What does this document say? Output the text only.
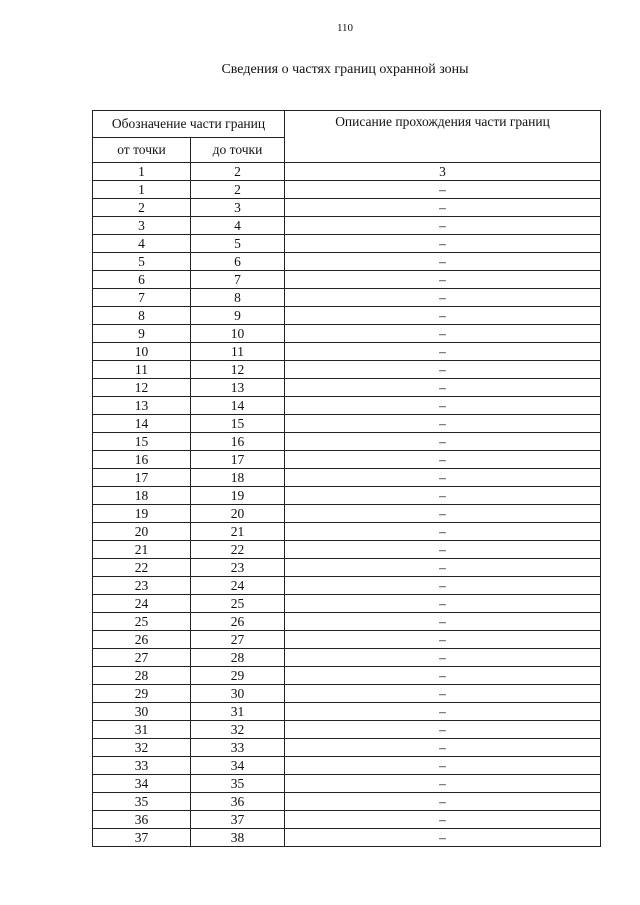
110
Сведения о частях границ охранной зоны
Обозначение части границ		Описание прохождения части границ
от точки	до точки	
1	2	3
1	2	–
2	3	–
3	4	–
4	5	–
5	6	–
6	7	–
7	8	–
8	9	–
9	10	–
10	11	–
11	12	–
12	13	–
13	14	–
14	15	–
15	16	–
16	17	–
17	18	–
18	19	–
19	20	–
20	21	–
21	22	–
22	23	–
23	24	–
24	25	–
25	26	–
26	27	–
27	28	–
28	29	–
29	30	–
30	31	–
31	32	–
32	33	–
33	34	–
34	35	–
35	36	–
36	37	–
37	38	–
